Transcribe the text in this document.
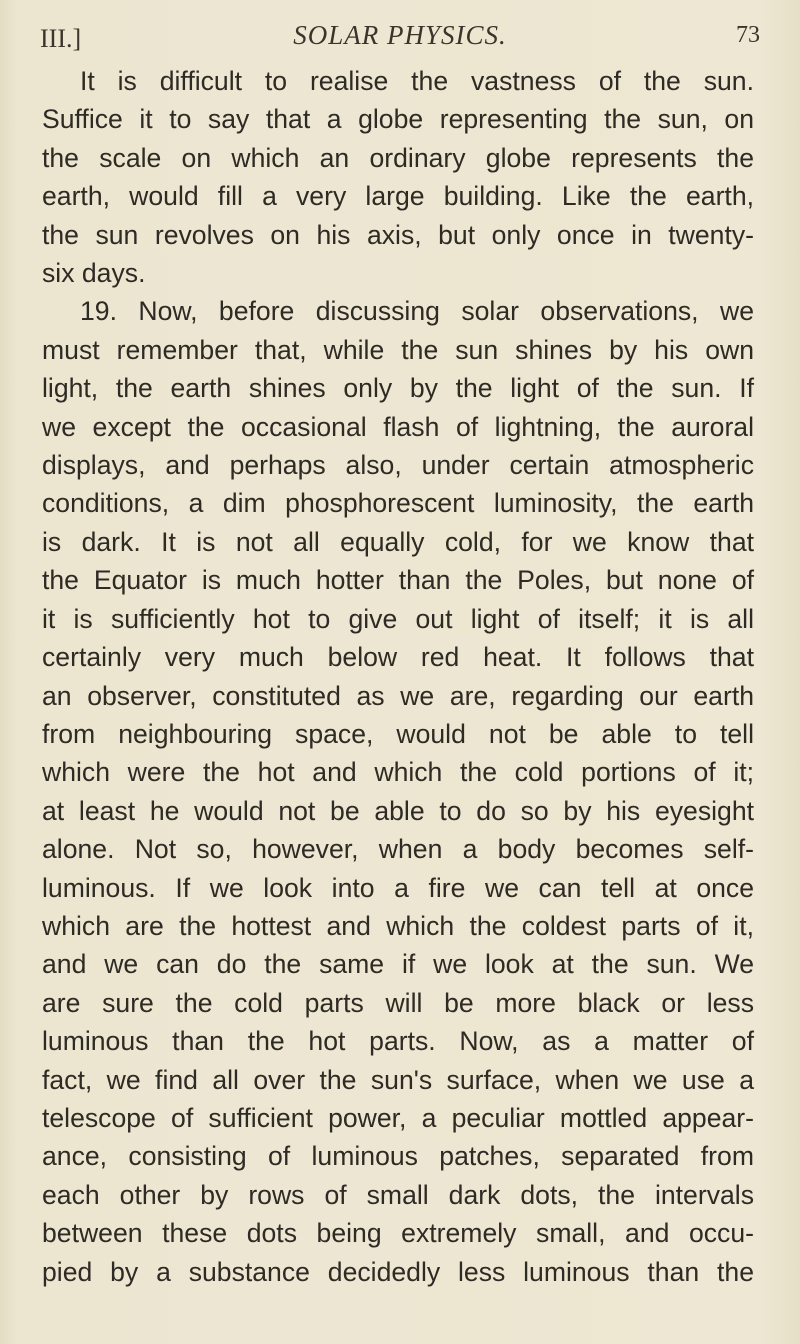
III.]	SOLAR PHYSICS.	73
It is difficult to realise the vastness of the sun.
Suffice it to say that a globe representing the sun, on
the scale on which an ordinary globe represents the
earth, would fill a very large building. Like the earth,
the sun revolves on his axis, but only once in twenty-
six days.
19. Now, before discussing solar observations, we
must remember that, while the sun shines by his own
light, the earth shines only by the light of the sun. If
we except the occasional flash of lightning, the auroral
displays, and perhaps also, under certain atmospheric
conditions, a dim phosphorescent luminosity, the earth
is dark. It is not all equally cold, for we know that
the Equator is much hotter than the Poles, but none of
it is sufficiently hot to give out light of itself; it is all
certainly very much below red heat. It follows that
an observer, constituted as we are, regarding our earth
from neighbouring space, would not be able to tell
which were the hot and which the cold portions of it;
at least he would not be able to do so by his eyesight
alone. Not so, however, when a body becomes self-
luminous. If we look into a fire we can tell at once
which are the hottest and which the coldest parts of it,
and we can do the same if we look at the sun. We
are sure the cold parts will be more black or less
luminous than the hot parts. Now, as a matter of
fact, we find all over the sun's surface, when we use a
telescope of sufficient power, a peculiar mottled appear-
ance, consisting of luminous patches, separated from
each other by rows of small dark dots, the intervals
between these dots being extremely small, and occu-
pied by a substance decidedly less luminous than the
